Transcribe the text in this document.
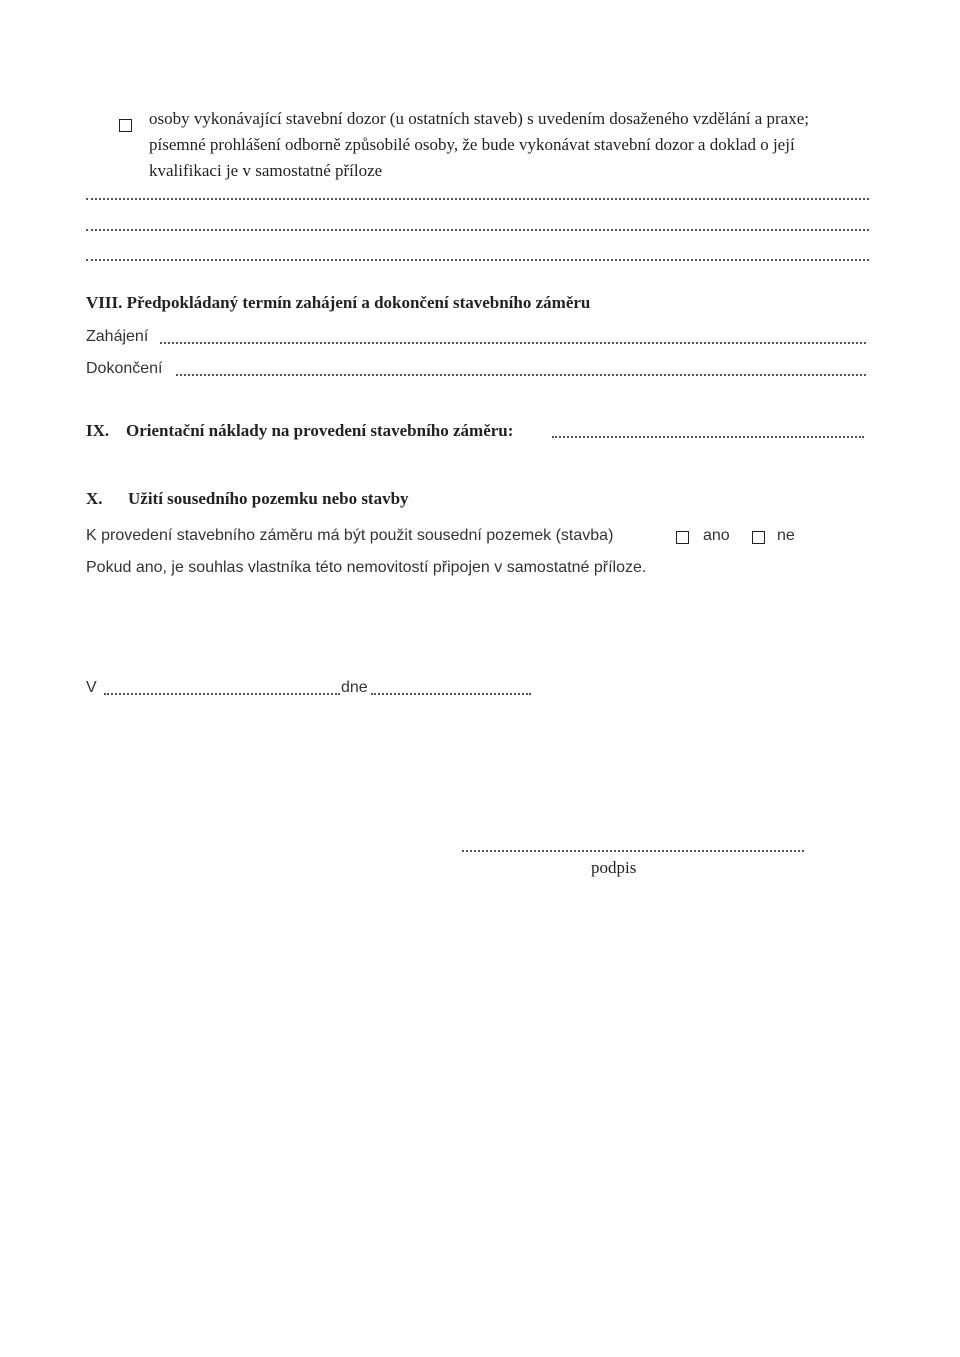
osoby vykonávající stavební dozor (u ostatních staveb) s uvedením dosaženého vzdělání a praxe;
písemné prohlášení odborně způsobilé osoby, že bude vykonávat stavební dozor a doklad o její
kvalifikaci je v samostatné příloze
VIII. Předpokládaný termín zahájení a dokončení stavebního záměru
Zahájení
Dokončení
IX. Orientační náklady na provedení stavebního záměru:
X. Užití sousedního pozemku nebo stavby
K provedení stavebního záměru má být použit sousední pozemek (stavba)	ano	ne
Pokud ano, je souhlas vlastníka této nemovitostí připojen v samostatné příloze.
V	dne
podpis
